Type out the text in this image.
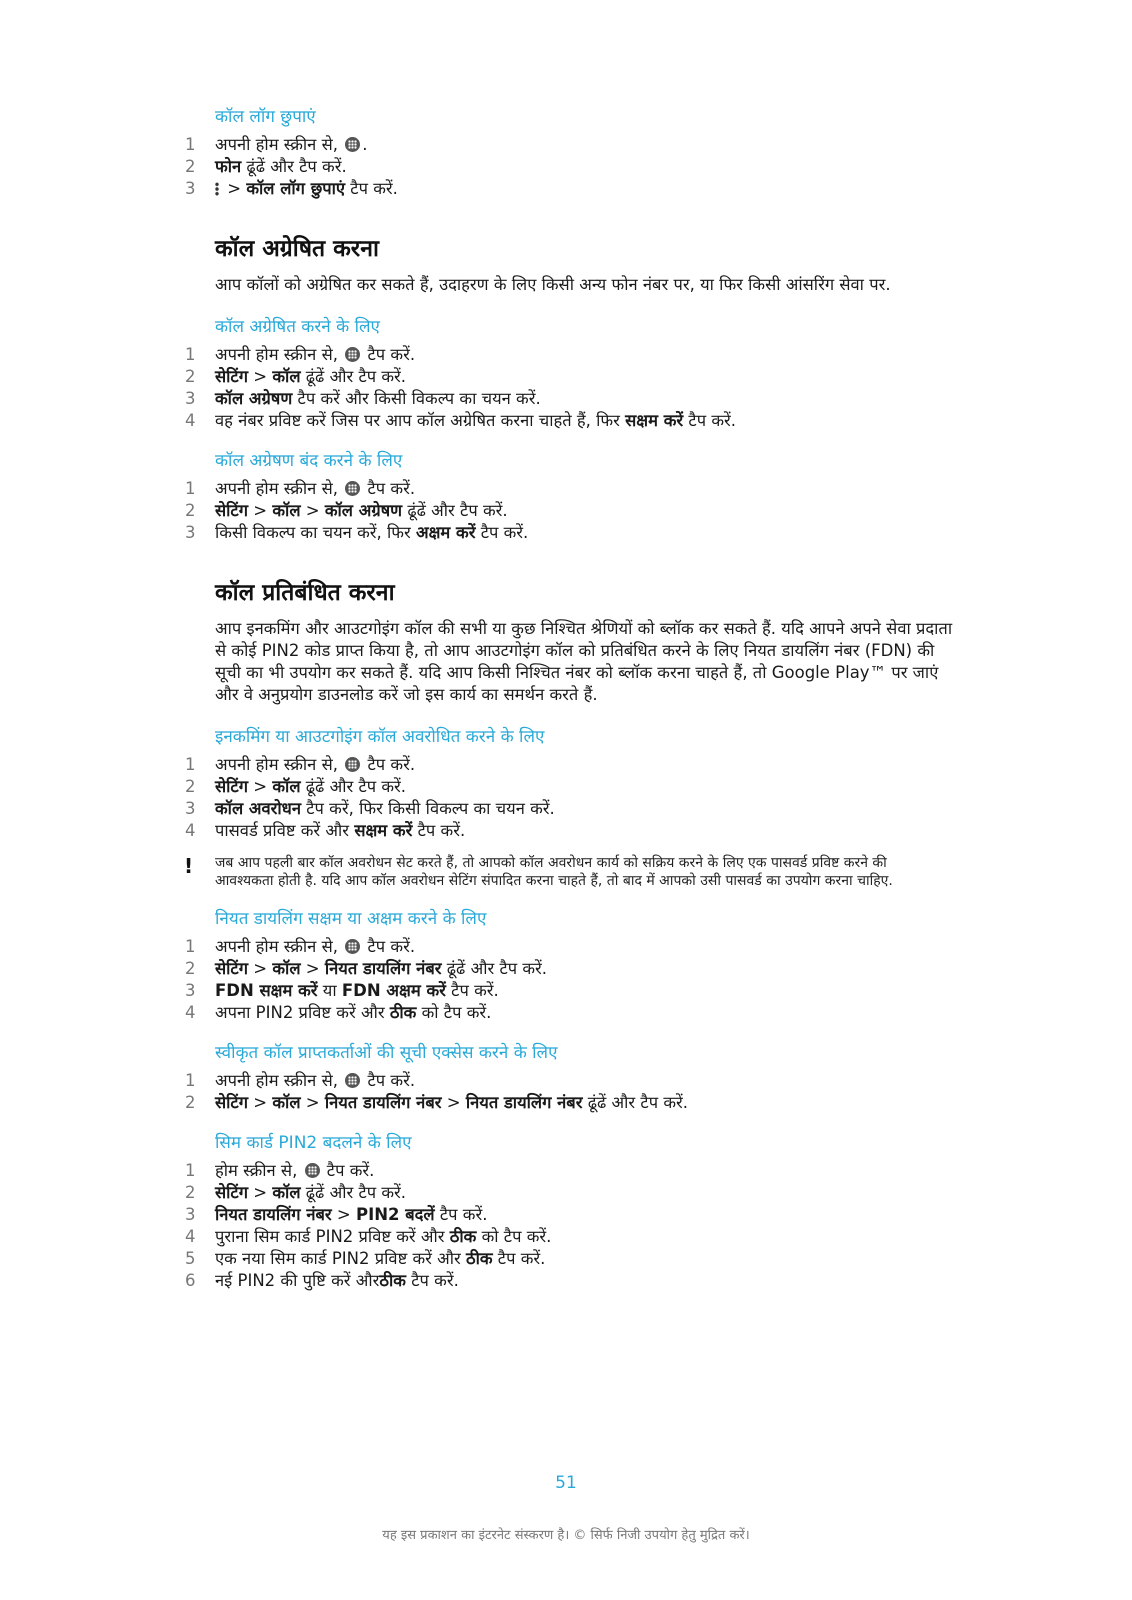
कॉल लॉग छुपाएं
1 अपनी होम स्क्रीन से, .
2 फोन ढूंढें और टैप करें.
3 > कॉल लॉग छुपाएं टैप करें.
कॉल अग्रेषित करना
आप कॉलों को अग्रेषित कर सकते हैं, उदाहरण के लिए किसी अन्य फोन नंबर पर, या फिर किसी आंसरिंग सेवा पर.
कॉल अग्रेषित करने के लिए
1 अपनी होम स्क्रीन से,  टैप करें.
2 सेटिंग > कॉल ढूंढें और टैप करें.
3 कॉल अग्रेषण टैप करें और किसी विकल्प का चयन करें.
4 वह नंबर प्रविष्ट करें जिस पर आप कॉल अग्रेषित करना चाहते हैं, फिर सक्षम करें टैप करें.
कॉल अग्रेषण बंद करने के लिए
1 अपनी होम स्क्रीन से,  टैप करें.
2 सेटिंग > कॉल > कॉल अग्रेषण ढूंढें और टैप करें.
3 किसी विकल्प का चयन करें, फिर अक्षम करें टैप करें.
कॉल प्रतिबंधित करना
आप इनकमिंग और आउटगोइंग कॉल की सभी या कुछ निश्चित श्रेणियों को ब्लॉक कर सकते हैं. यदि आपने अपने सेवा प्रदाता से कोई PIN2 कोड प्राप्त किया है, तो आप आउटगोइंग कॉल को प्रतिबंधित करने के लिए नियत डायलिंग नंबर (FDN) की सूची का भी उपयोग कर सकते हैं. यदि आप किसी निश्चित नंबर को ब्लॉक करना चाहते हैं, तो Google Play™ पर जाएं और वे अनुप्रयोग डाउनलोड करें जो इस कार्य का समर्थन करते हैं.
इनकमिंग या आउटगोइंग कॉल अवरोधित करने के लिए
1 अपनी होम स्क्रीन से,  टैप करें.
2 सेटिंग > कॉल ढूंढें और टैप करें.
3 कॉल अवरोधन टैप करें, फिर किसी विकल्प का चयन करें.
4 पासवर्ड प्रविष्ट करें और सक्षम करें टैप करें.
! जब आप पहली बार कॉल अवरोधन सेट करते हैं, तो आपको कॉल अवरोधन कार्य को सक्रिय करने के लिए एक पासवर्ड प्रविष्ट करने की आवश्यकता होती है. यदि आप कॉल अवरोधन सेटिंग संपादित करना चाहते हैं, तो बाद में आपको उसी पासवर्ड का उपयोग करना चाहिए.
नियत डायलिंग सक्षम या अक्षम करने के लिए
1 अपनी होम स्क्रीन से,  टैप करें.
2 सेटिंग > कॉल > नियत डायलिंग नंबर ढूंढें और टैप करें.
3 FDN सक्षम करें या FDN अक्षम करें टैप करें.
4 अपना PIN2 प्रविष्ट करें और ठीक को टैप करें.
स्वीकृत कॉल प्राप्तकर्ताओं की सूची एक्सेस करने के लिए
1 अपनी होम स्क्रीन से,  टैप करें.
2 सेटिंग > कॉल > नियत डायलिंग नंबर > नियत डायलिंग नंबर ढूंढें और टैप करें.
सिम कार्ड PIN2 बदलने के लिए
1 होम स्क्रीन से,  टैप करें.
2 सेटिंग > कॉल ढूंढें और टैप करें.
3 नियत डायलिंग नंबर > PIN2 बदलें टैप करें.
4 पुराना सिम कार्ड PIN2 प्रविष्ट करें और ठीक को टैप करें.
5 एक नया सिम कार्ड PIN2 प्रविष्ट करें और ठीक टैप करें.
6 नई PIN2 की पुष्टि करें औरठीक टैप करें.
51
यह इस प्रकाशन का इंटरनेट संस्करण है। © सिर्फ निजी उपयोग हेतु मुद्रित करें।
